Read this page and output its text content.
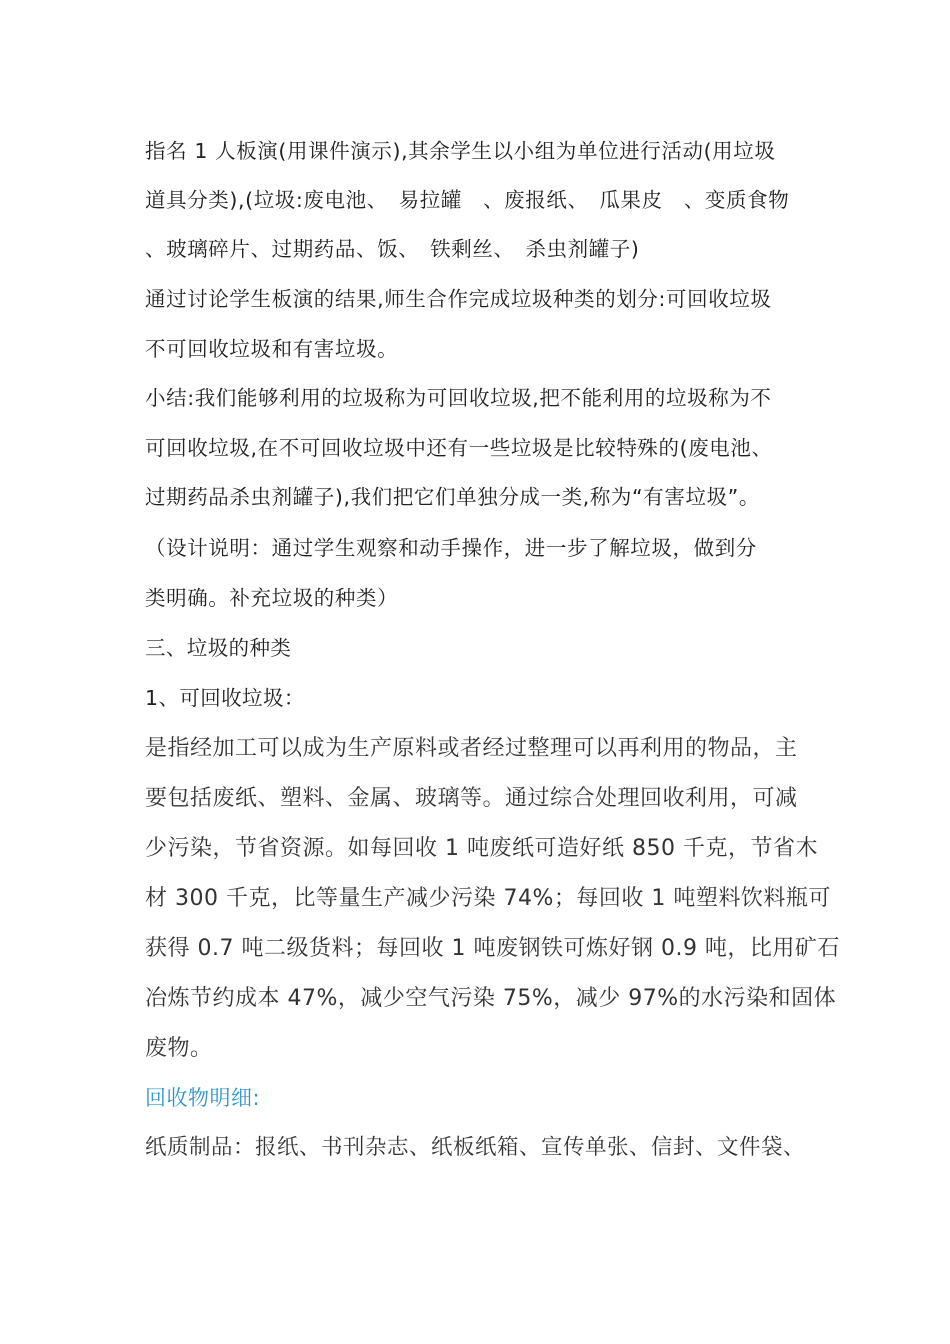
指名 1 人板演(用课件演示),其余学生以小组为单位进行活动(用垃圾
道具分类),(垃圾:废电池、　易拉罐　、废报纸、　瓜果皮　、变质食物
、玻璃碎片、过期药品、饭、　铁剩丝、　杀虫剂罐子)
通过讨论学生板演的结果,师生合作完成垃圾种类的划分:可回收垃圾
不可回收垃圾和有害垃圾。
小结:我们能够利用的垃圾称为可回收垃圾,把不能利用的垃圾称为不
可回收垃圾,在不可回收垃圾中还有一些垃圾是比较特殊的(废电池、
过期药品杀虫剂罐子),我们把它们单独分成一类,称为“有害垃圾”。
（设计说明：通过学生观察和动手操作，进一步了解垃圾，做到分
类明确。补充垃圾的种类）
三、垃圾的种类
1、可回收垃圾：
是指经加工可以成为生产原料或者经过整理可以再利用的物品，主
要包括废纸、塑料、金属、玻璃等。通过综合处理回收利用，可减
少污染，节省资源。如每回收 1 吨废纸可造好纸 850 千克，节省木
材 300 千克，比等量生产减少污染 74%；每回收 1 吨塑料饮料瓶可
获得 0.7 吨二级货料；每回收 1 吨废钢铁可炼好钢 0.9 吨，比用矿石
冶炼节约成本 47%，减少空气污染 75%，减少 97%的水污染和固体
废物。
回收物明细:
纸质制品：报纸、书刊杂志、纸板纸箱、宣传单张、信封、文件袋、
